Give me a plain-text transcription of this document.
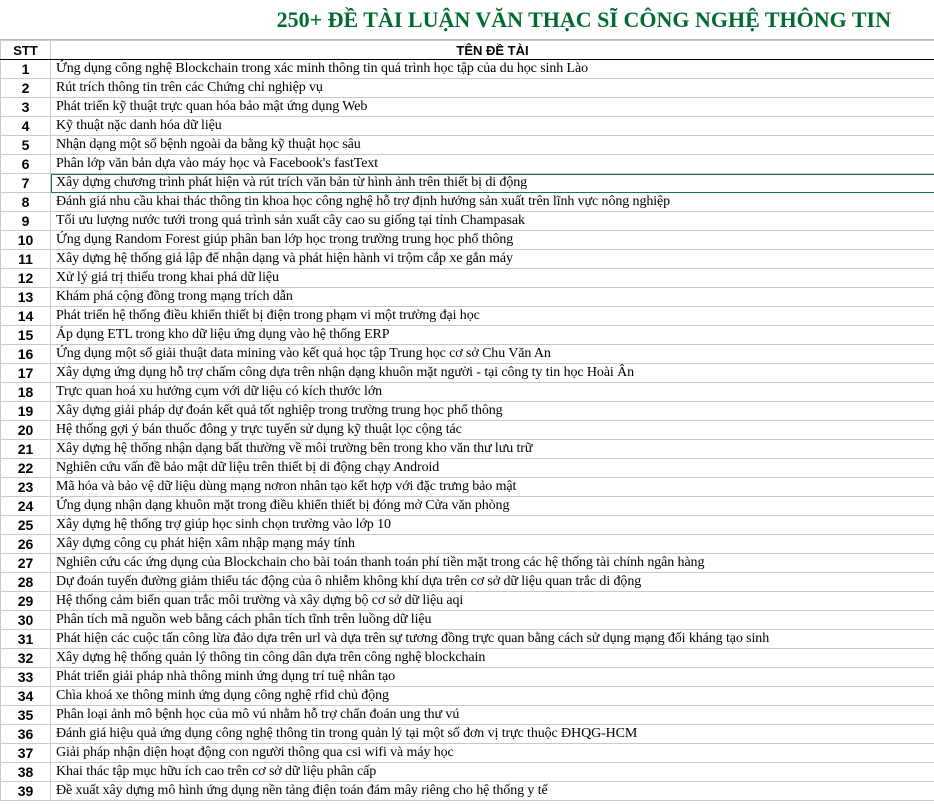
250+ ĐỀ TÀI LUẬN VĂN THẠC SĨ CÔNG NGHỆ THÔNG TIN
STT	TÊN ĐỀ TÀI
1	Ứng dụng công nghệ Blockchain trong xác minh thông tin quá trình học tập của du học sinh Lào
2	Rút trích thông tin trên các Chứng chỉ nghiệp vụ
3	Phát triển kỹ thuật trực quan hóa bảo mật ứng dụng Web
4	Kỹ thuật nặc danh hóa dữ liệu
5	Nhận dạng một số bệnh ngoài da bằng kỹ thuật học sâu
6	Phân lớp văn bản dựa vào máy học và Facebook's fastText
7	Xây dựng chương trình phát hiện và rút trích văn bản từ hình ảnh trên thiết bị di động
8	Đánh giá nhu cầu khai thác thông tin khoa học công nghệ hỗ trợ định hướng sản xuất trên lĩnh vực nông nghiệp
9	Tối ưu lượng nước tưới trong quá trình sản xuất cây cao su giống tại tỉnh Champasak
10	Ứng dụng Random Forest giúp phân ban lớp học trong trường trung học phổ thông
11	Xây dựng hệ thống giả lập để nhận dạng và phát hiện hành vi trộm cắp xe gắn máy
12	Xử lý giá trị thiếu trong khai phá dữ liệu
13	Khám phá cộng đồng trong mạng trích dẫn
14	Phát triển hệ thống điều khiển thiết bị điện trong phạm vi một trường đại học
15	Áp dụng ETL trong kho dữ liệu ứng dụng vào hệ thống ERP
16	Ứng dụng một số giải thuật data mining vào kết quả học tập Trung học cơ sở Chu Văn An
17	Xây dựng ứng dụng hỗ trợ chấm công dựa trên nhận dạng khuôn mặt người - tại công ty tin học Hoài Ân
18	Trực quan hoá xu hướng cụm với dữ liệu có kích thước lớn
19	Xây dựng giải pháp dự đoán kết quả tốt nghiệp trong trường trung học phổ thông
20	Hệ thống gợi ý bán thuốc đông y trực tuyến sử dụng kỹ thuật lọc cộng tác
21	Xây dựng hệ thống nhận dạng bất thường về môi trường bên trong kho văn thư lưu trữ
22	Nghiên cứu vấn đề bảo mật dữ liệu trên thiết bị di động chạy Android
23	Mã hóa và bảo vệ dữ liệu dùng mạng nơron nhân tạo kết hợp với đặc trưng bảo mật
24	Ứng dụng nhận dạng khuôn mặt trong điều khiển thiết bị đóng mở Cửa văn phòng
25	Xây dựng hệ thống trợ giúp học sinh chọn trường vào lớp 10
26	Xây dựng công cụ phát hiện xâm nhập mạng máy tính
27	Nghiên cứu các ứng dụng của Blockchain cho bài toán thanh toán phí tiền mặt trong các hệ thống tài chính ngân hàng
28	Dự đoán tuyến đường giảm thiểu tác động của ô nhiễm không khí dựa trên cơ sở dữ liệu quan trắc di động
29	Hệ thống cảm biến quan trắc môi trường và xây dựng bộ cơ sở dữ liệu aqi
30	Phân tích mã nguồn web bằng cách phân tích tĩnh trên luồng dữ liệu
31	Phát hiện các cuộc tấn công lừa đảo dựa trên url và dựa trên sự tương đồng trực quan bằng cách sử dụng mạng đối kháng tạo sinh
32	Xây dựng hệ thống quản lý thông tin công dân dựa trên công nghệ blockchain
33	Phát triển giải pháp nhà thông minh ứng dụng trí tuệ nhân tạo
34	Chìa khoá xe thông minh ứng dụng công nghệ rfid chủ động
35	Phân loại ảnh mô bệnh học của mô vú nhằm hỗ trợ chẩn đoán ung thư vú
36	Đánh giá hiệu quả ứng dụng công nghệ thông tin trong quản lý tại một số đơn vị trực thuộc ĐHQG-HCM
37	Giải pháp nhận diện hoạt động con người thông qua csi wifi và máy học
38	Khai thác tập mục hữu ích cao trên cơ sở dữ liệu phân cấp
39	Đề xuất xây dựng mô hình ứng dụng nền tảng điện toán đám mây riêng cho hệ thống y tế
